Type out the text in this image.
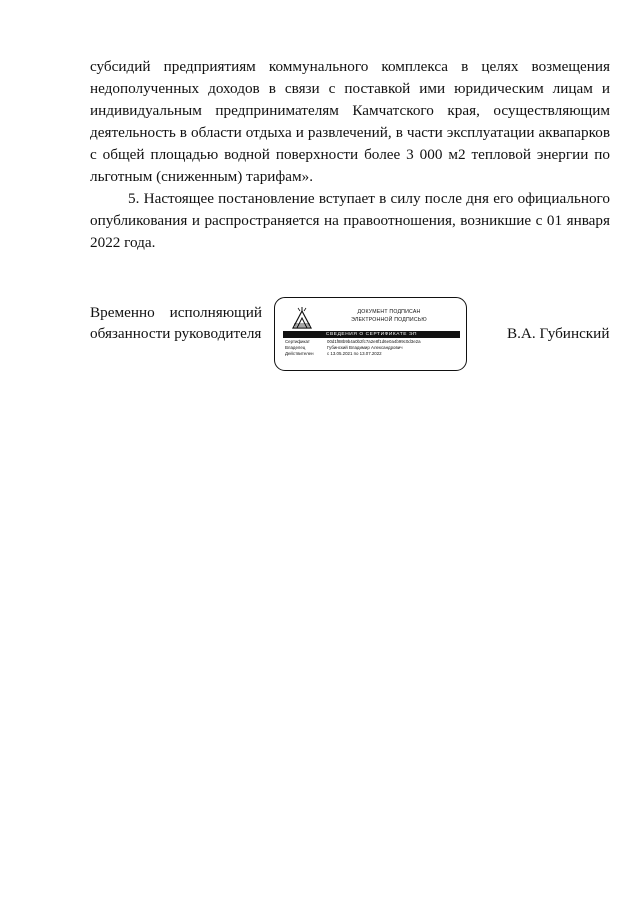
субсидий предприятиям коммунального комплекса в целях возмещения недополученных доходов в связи с поставкой ими юридическим лицам и индивидуальным предпринимателям Камчатского края, осуществляющим деятельность в области отдыха и развлечений, в части эксплуатации аквапарков с общей площадью водной поверхности более 3 000 м2 тепловой энергии по льготным (сниженным) тарифам».

5. Настоящее постановление вступает в силу после дня его официального опубликования и распространяется на правоотношения, возникшие с 01 января 2022 года.

Временно исполняющий
обязанности руководителя
ДОКУМЕНТ ПОДПИСАН
ЭЛЕКТРОННОЙ ПОДПИСЬЮ
СВЕДЕНИЯ О СЕРТИФИКАТЕ ЭП
Сертификат	00d1f88b9b4a0b2fc7a2e8f1d6e0a4b99c0d3e2a
Владелец	Губинский Владимир Александрович
Действителен	с 13.05.2021 по 13.07.2022
В.А. Губинский
